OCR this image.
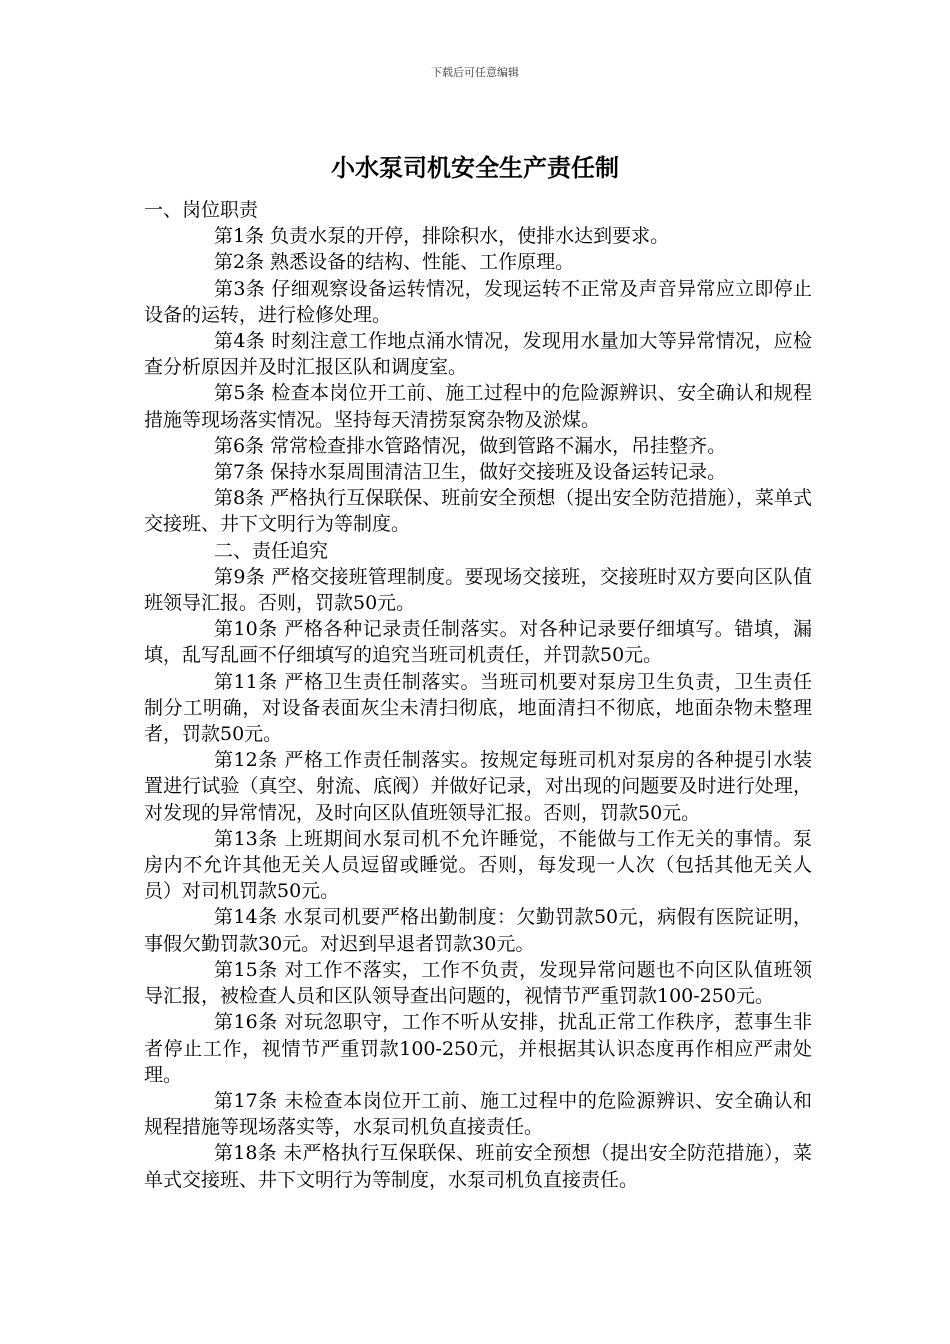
下载后可任意编辑
小水泵司机安全生产责任制

一、岗位职责

第1条 负责水泵的开停，排除积水，使排水达到要求。

第2条 熟悉设备的结构、性能、工作原理。

第3条 仔细观察设备运转情况，发现运转不正常及声音异常应立即停止设备的运转，进行检修处理。

第4条 时刻注意工作地点涌水情况，发现用水量加大等异常情况，应检查分析原因并及时汇报区队和调度室。

第5条 检查本岗位开工前、施工过程中的危险源辨识、安全确认和规程措施等现场落实情况。坚持每天清捞泵窝杂物及淤煤。

第6条 常常检查排水管路情况，做到管路不漏水，吊挂整齐。

第7条 保持水泵周围清洁卫生，做好交接班及设备运转记录。

第8条 严格执行互保联保、班前安全预想（提出安全防范措施），菜单式交接班、井下文明行为等制度。

二、责任追究

第9条 严格交接班管理制度。要现场交接班，交接班时双方要向区队值班领导汇报。否则，罚款50元。

第10条 严格各种记录责任制落实。对各种记录要仔细填写。错填，漏填，乱写乱画不仔细填写的追究当班司机责任，并罚款50元。

第11条 严格卫生责任制落实。当班司机要对泵房卫生负责，卫生责任制分工明确，对设备表面灰尘未清扫彻底，地面清扫不彻底，地面杂物未整理者，罚款50元。

第12条 严格工作责任制落实。按规定每班司机对泵房的各种提引水装置进行试验（真空、射流、底阀）并做好记录，对出现的问题要及时进行处理，对发现的异常情况，及时向区队值班领导汇报。否则，罚款50元。

第13条 上班期间水泵司机不允许睡觉，不能做与工作无关的事情。泵房内不允许其他无关人员逗留或睡觉。否则，每发现一人次（包括其他无关人员）对司机罚款50元。

第14条 水泵司机要严格出勤制度：欠勤罚款50元，病假有医院证明，事假欠勤罚款30元。对迟到早退者罚款30元。

第15条 对工作不落实，工作不负责，发现异常问题也不向区队值班领导汇报，被检查人员和区队领导查出问题的，视情节严重罚款100-250元。

第16条 对玩忽职守，工作不听从安排，扰乱正常工作秩序，惹事生非者停止工作，视情节严重罚款100-250元，并根据其认识态度再作相应严肃处理。

第17条 未检查本岗位开工前、施工过程中的危险源辨识、安全确认和规程措施等现场落实等，水泵司机负直接责任。

第18条 未严格执行互保联保、班前安全预想（提出安全防范措施），菜单式交接班、井下文明行为等制度，水泵司机负直接责任。
